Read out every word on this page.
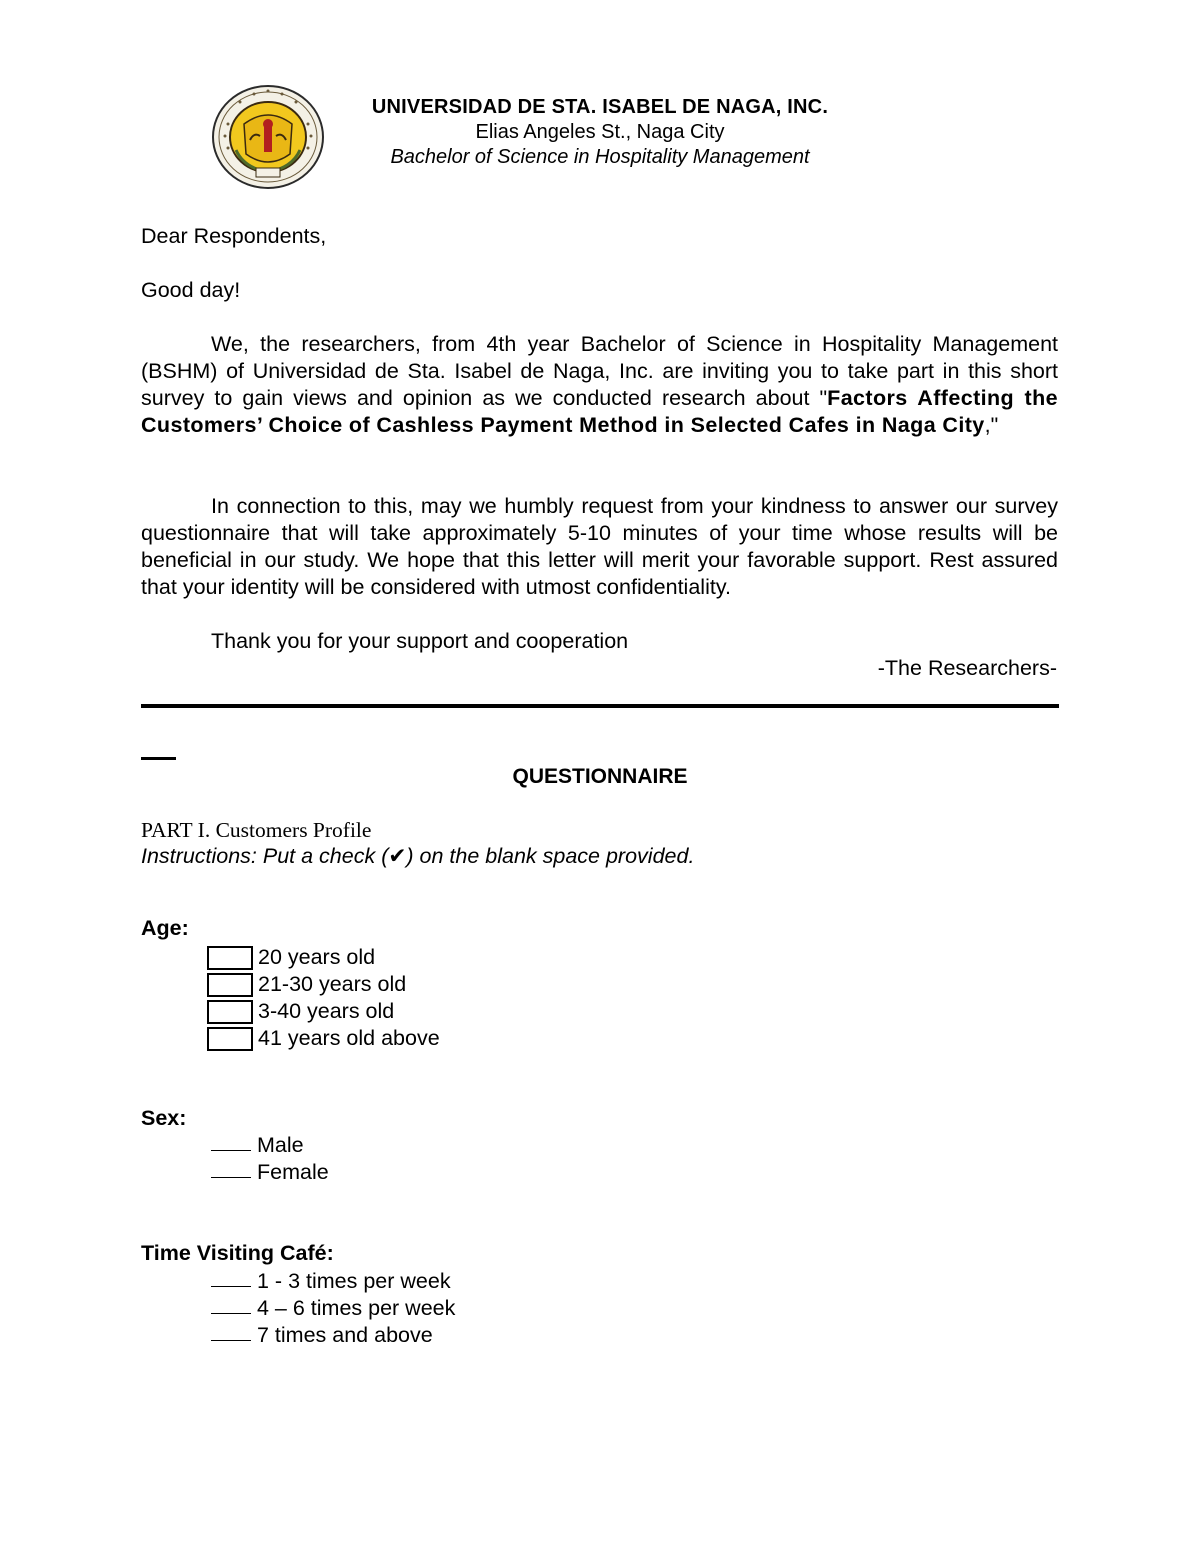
UNIVERSIDAD DE STA. ISABEL DE NAGA, INC.
Elias Angeles St., Naga City
Bachelor of Science in Hospitality Management
Dear Respondents,
Good day!
We, the researchers, from 4th year Bachelor of Science in Hospitality Management (BSHM) of Universidad de Sta. Isabel de Naga, Inc. are inviting you to take part in this short survey to gain views and opinion as we conducted research about "Factors Affecting the Customers’ Choice of Cashless Payment Method in Selected Cafes in Naga City,"
In connection to this, may we humbly request from your kindness to answer our survey questionnaire that will take approximately 5-10 minutes of your time whose results will be beneficial in our study. We hope that this letter will merit your favorable support. Rest assured that your identity will be considered with utmost confidentiality.
Thank you for your support and cooperation
-The Researchers-
QUESTIONNAIRE
PART I. Customers Profile
Instructions: Put a check (✔) on the blank space provided.
Age:
20 years old
21-30 years old
3-40 years old
41 years old above
Sex:
Male
Female
Time Visiting Café:
1 - 3 times per week
4 – 6 times per week
7 times and above
